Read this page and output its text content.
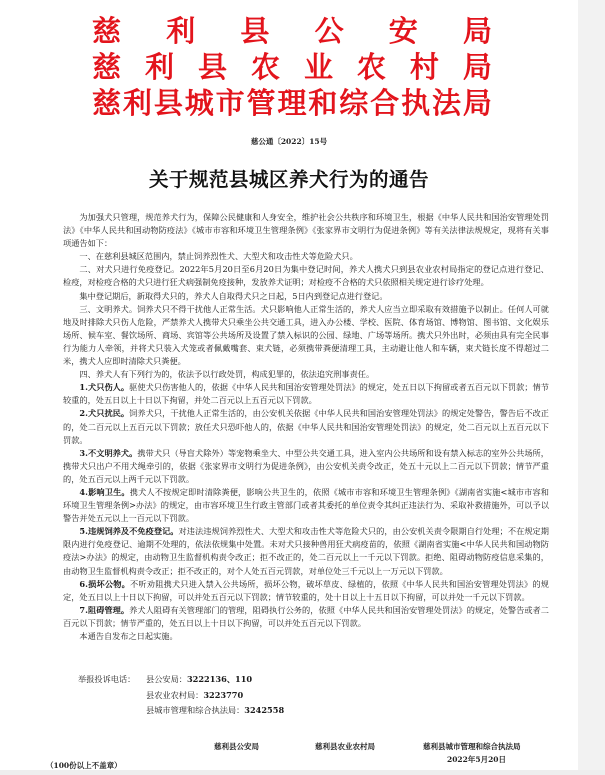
慈 利 县 公 安 局
慈 利 县 农 业 农 村 局
慈 利 县 城 市 管 理 和 综 合 执 法 局
慈公通〔2022〕15号
关于规范县城区养犬行为的通告

为加强犬只管理，规范养犬行为，保障公民健康和人身安全，维护社会公共秩序和环境卫生，根据《中华人民共和国治安管理处罚法》《中华人民共和国动物防疫法》《城市市容和环境卫生管理条例》《张家界市文明行为促进条例》等有关法律法规规定，现将有关事项通告如下：

一、在慈利县城区范围内，禁止饲养烈性犬、大型犬和攻击性犬等危险犬只。

二、对犬只进行免疫登记。2022年5月20日至6月20日为集中登记时间，养犬人携犬只到县农业农村局指定的登记点进行登记、检疫，对检疫合格的犬只进行狂犬病强制免疫接种，发放养犬证明；对检疫不合格的犬只依照相关规定进行诊疗处理。

集中登记期后，新取得犬只的，养犬人自取得犬只之日起，5日内到登记点进行登记。

三、文明养犬。饲养犬只不得干扰他人正常生活。犬只影响他人正常生活的，养犬人应当立即采取有效措施予以制止。任何人可就地及时排除犬只伤人危险，严禁养犬人携带犬只乘坐公共交通工具，进入办公楼、学校、医院、体育场馆、博物馆、图书馆、文化娱乐场所、候车室、餐饮场所、商场、宾馆等公共场所及设置了禁入标识的公园、绿地、广场等场所。携犬只外出时，必须由具有完全民事行为能力人牵领，并将犬只装入犬笼或者佩戴嘴套、束犬链，必须携带粪便清理工具，主动避让他人和车辆，束犬链长度不得超过二米，携犬人应即时清除犬只粪便。

四、养犬人有下列行为的，依法予以行政处罚，构成犯罪的，依法追究刑事责任。

1.犬只伤人。驱使犬只伤害他人的，依据《中华人民共和国治安管理处罚法》的规定，处五日以下拘留或者五百元以下罚款；情节较重的，处五日以上十日以下拘留，并处二百元以上五百元以下罚款。

2.犬只扰民。饲养犬只，干扰他人正常生活的，由公安机关依据《中华人民共和国治安管理处罚法》的规定处警告，警告后不改正的，处二百元以上五百元以下罚款；放任犬只恐吓他人的，依据《中华人民共和国治安管理处罚法》的规定，处二百元以上五百元以下罚款。

3.不文明养犬。携带犬只（导盲犬除外）等宠物乘坐大、中型公共交通工具，进入室内公共场所和设有禁入标志的室外公共场所，携带犬只出户不用犬绳牵引的，依据《张家界市文明行为促进条例》，由公安机关责令改正，处五十元以上二百元以下罚款；情节严重的，处五百元以上两千元以下罚款。

4.影响卫生。携犬人不按规定即时清除粪便，影响公共卫生的，依照《城市市容和环境卫生管理条例》《湖南省实施<城市市容和环境卫生管理条例>办法》的规定，由市容环境卫生行政主管部门或者其委托的单位责令其纠正违法行为、采取补救措施外，可以予以警告并处五元以上一百元以下罚款。

5.违规饲养及不免疫登记。对违法违规饲养烈性犬、大型犬和攻击性犬等危险犬只的，由公安机关责令限期自行处理；不在规定期限内进行免疫登记、逾期不处理的，依法依规集中处置。未对犬只接种兽用狂犬病疫苗的，依照《湖南省实施<中华人民共和国动物防疫法>办法》的规定，由动物卫生监督机构责令改正；拒不改正的，处二百元以上一千元以下罚款。拒绝、阻碍动物防疫信息采集的，由动物卫生监督机构责令改正；拒不改正的，对个人处五百元罚款，对单位处三千元以上一万元以下罚款。

6.损坏公物。不听劝阻携犬只进入禁入公共场所，损坏公物，破坏草皮、绿植的，依照《中华人民共和国治安管理处罚法》的规定，处五日以上十日以下拘留，可以并处五百元以下罚款；情节较重的，处十日以上十五日以下拘留，可以并处一千元以下罚款。

7.阻碍管理。养犬人阻碍有关管理部门的管理，阻碍执行公务的，依照《中华人民共和国治安管理处罚法》的规定，处警告或者二百元以下罚款；情节严重的，处五日以上十日以下拘留，可以并处五百元以下罚款。

本通告自发布之日起实施。

举报投诉电话：	县公安局： 3222136、110
县农业农村局： 3223770
县城市管理和综合执法局： 3242558
慈利县公安局	慈利县农业农村局	慈利县城市管理和综合执法局
2022年5月20日
（100份以上不盖章）
